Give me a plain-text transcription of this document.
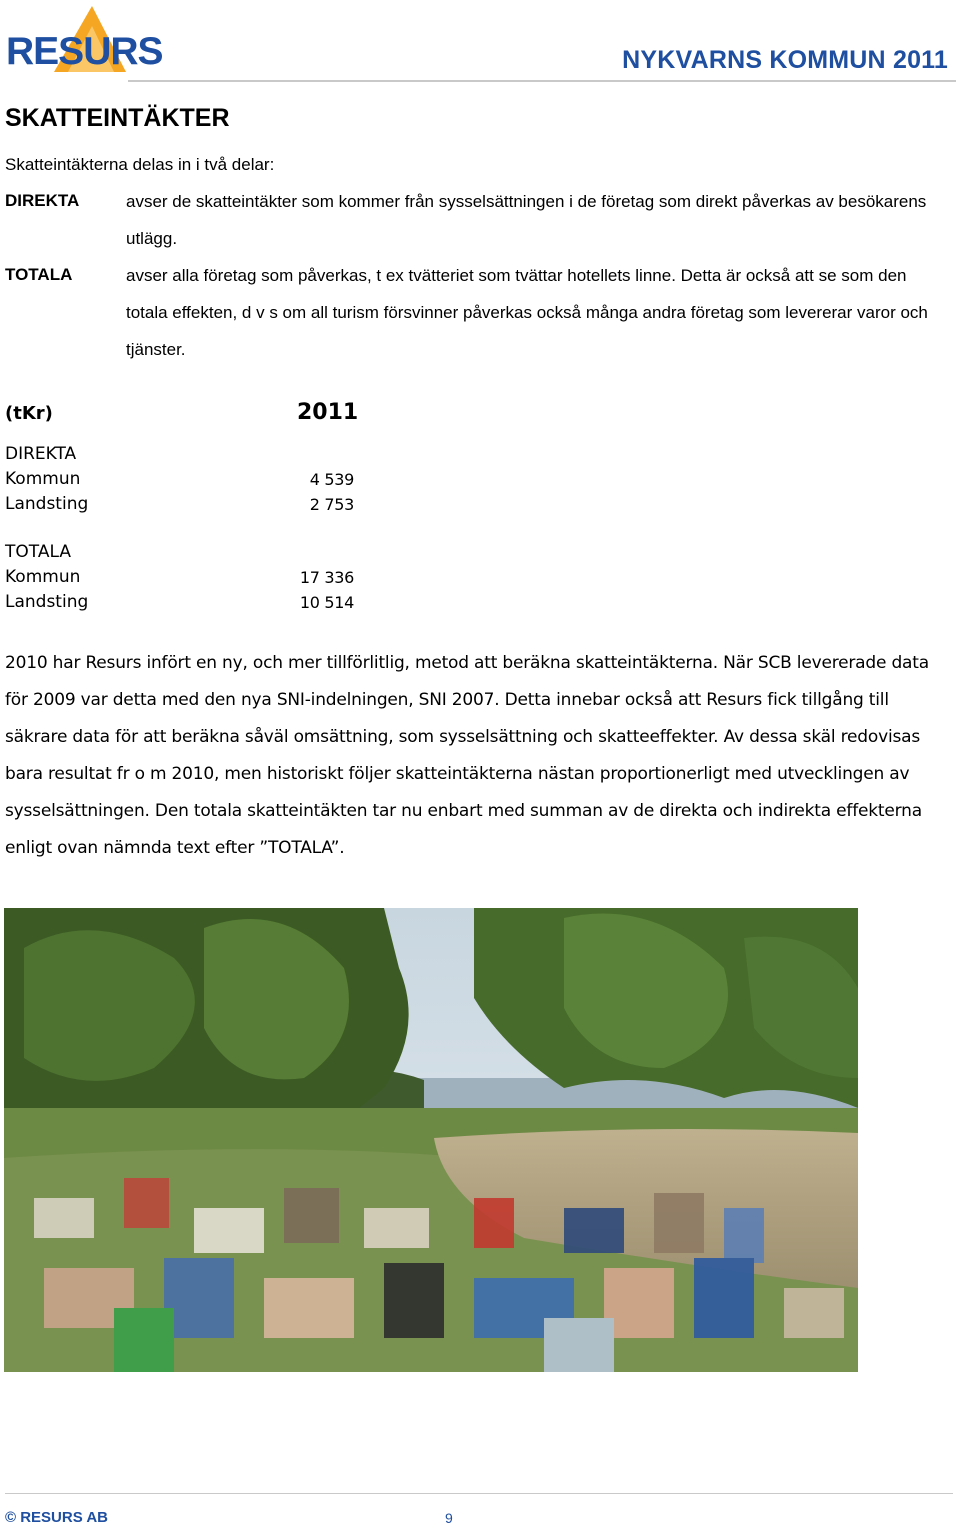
RESURS	NYKVARNS KOMMUN 2011
SKATTEINTÄKTER

Skatteintäkterna delas in i två delar:

DIREKTA	avser de skatteintäkter som kommer från sysselsättningen i de företag som direkt påverkas av besökarens utlägg.
TOTALA	avser alla företag som påverkas, t ex tvätteriet som tvättar hotellets linne. Detta är också att se som den totala effekten, d v s om all turism försvinner påverkas också många andra företag som levererar varor och tjänster.
(tKr)	2011
DIREKTA
Kommun	4 539
Landsting	2 753
TOTALA
Kommun	17 336
Landsting	10 514

2010 har Resurs infört en ny, och mer tillförlitlig, metod att beräkna skatteintäkterna. När SCB levererade data för 2009 var detta med den nya SNI-indelningen, SNI 2007. Detta innebar också att Resurs fick tillgång till säkrare data för att beräkna såväl omsättning, som sysselsättning och skatteeffekter. Av dessa skäl redovisas bara resultat fr o m 2010, men historiskt följer skatteintäkterna nästan proportionerligt med utvecklingen av sysselsättningen. Den totala skatteintäkten tar nu enbart med summan av de direkta och indirekta effekterna enligt ovan nämnda text efter ”TOTALA”.

© RESURS AB	9
